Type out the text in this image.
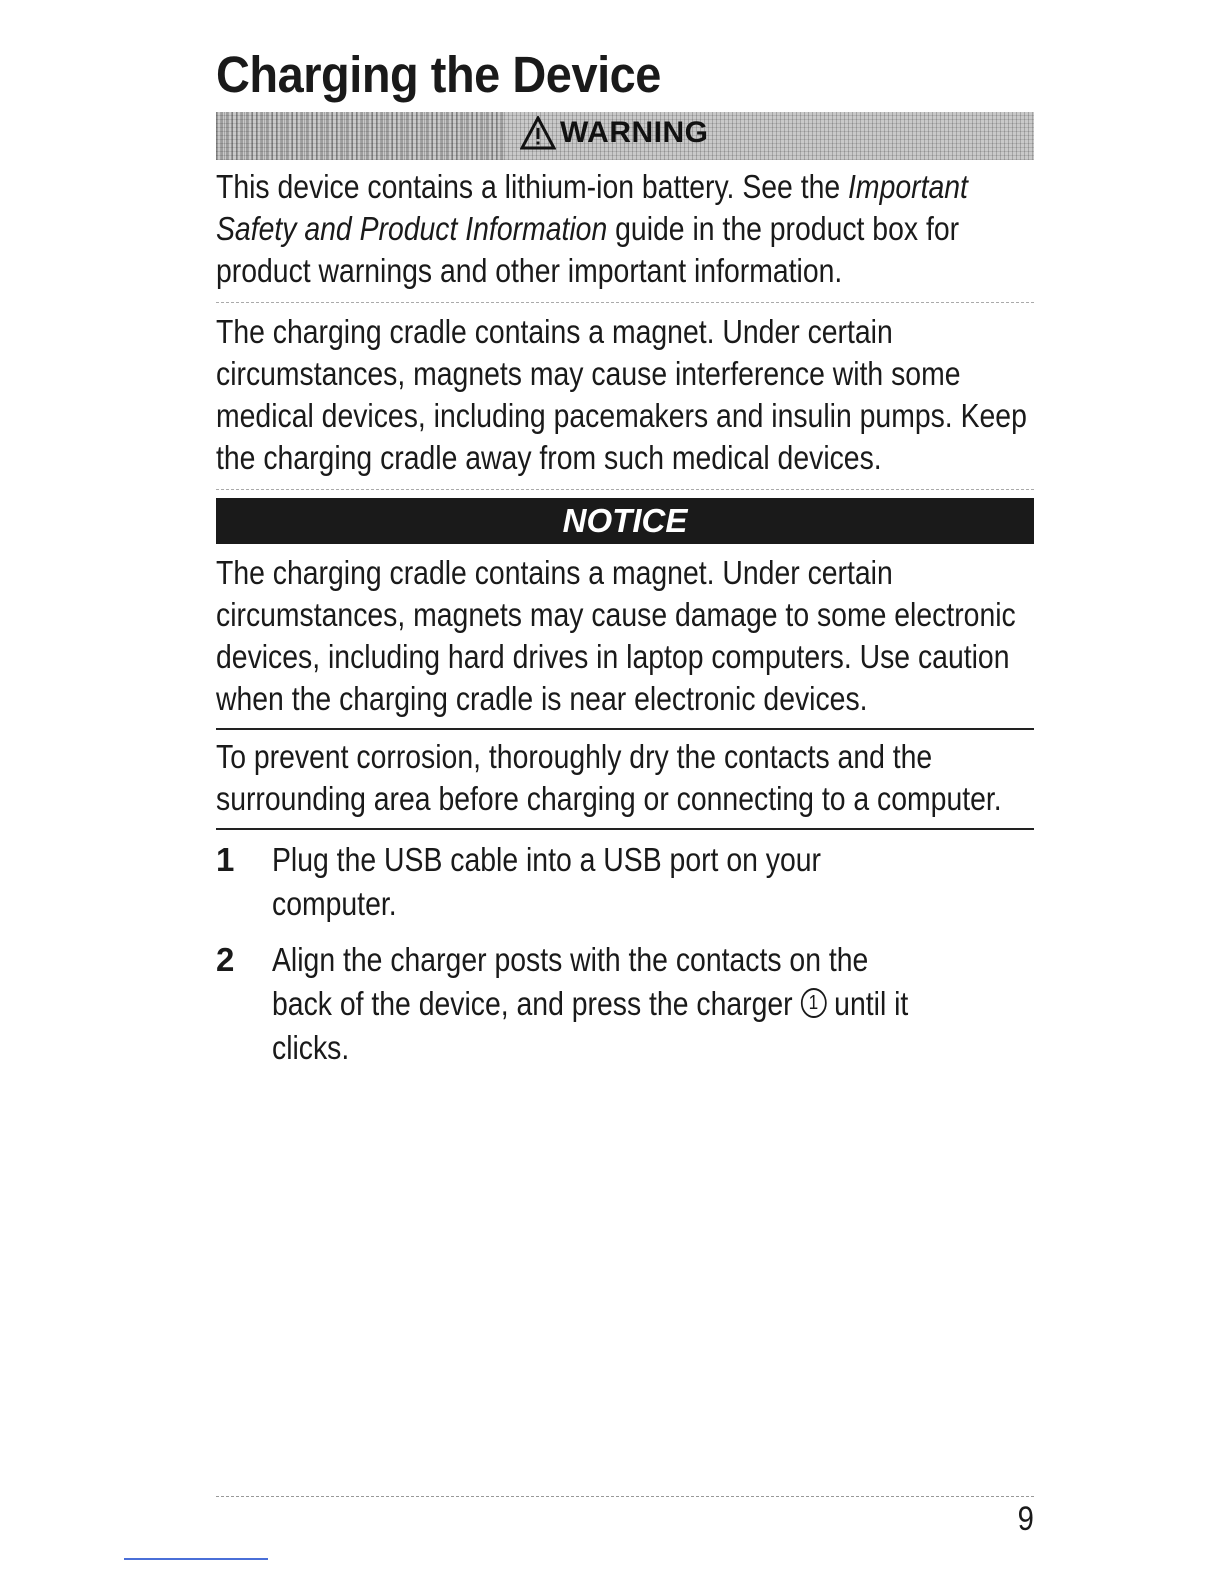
Charging the Device
WARNING

This device contains a lithium-ion battery. See the Important Safety and Product Information guide in the product box for product warnings and other important information.

The charging cradle contains a magnet. Under certain circumstances, magnets may cause interference with some medical devices, including pacemakers and insulin pumps. Keep the charging cradle away from such medical devices.

NOTICE

The charging cradle contains a magnet. Under certain circumstances, magnets may cause damage to some electronic devices, including hard drives in laptop computers. Use caution when the charging cradle is near electronic devices.

To prevent corrosion, thoroughly dry the contacts and the surrounding area before charging or connecting to a computer.

1	Plug the USB cable into a USB port on your computer.
2	Align the charger posts with the contacts on the back of the device, and press the charger 1 until it clicks.
9
